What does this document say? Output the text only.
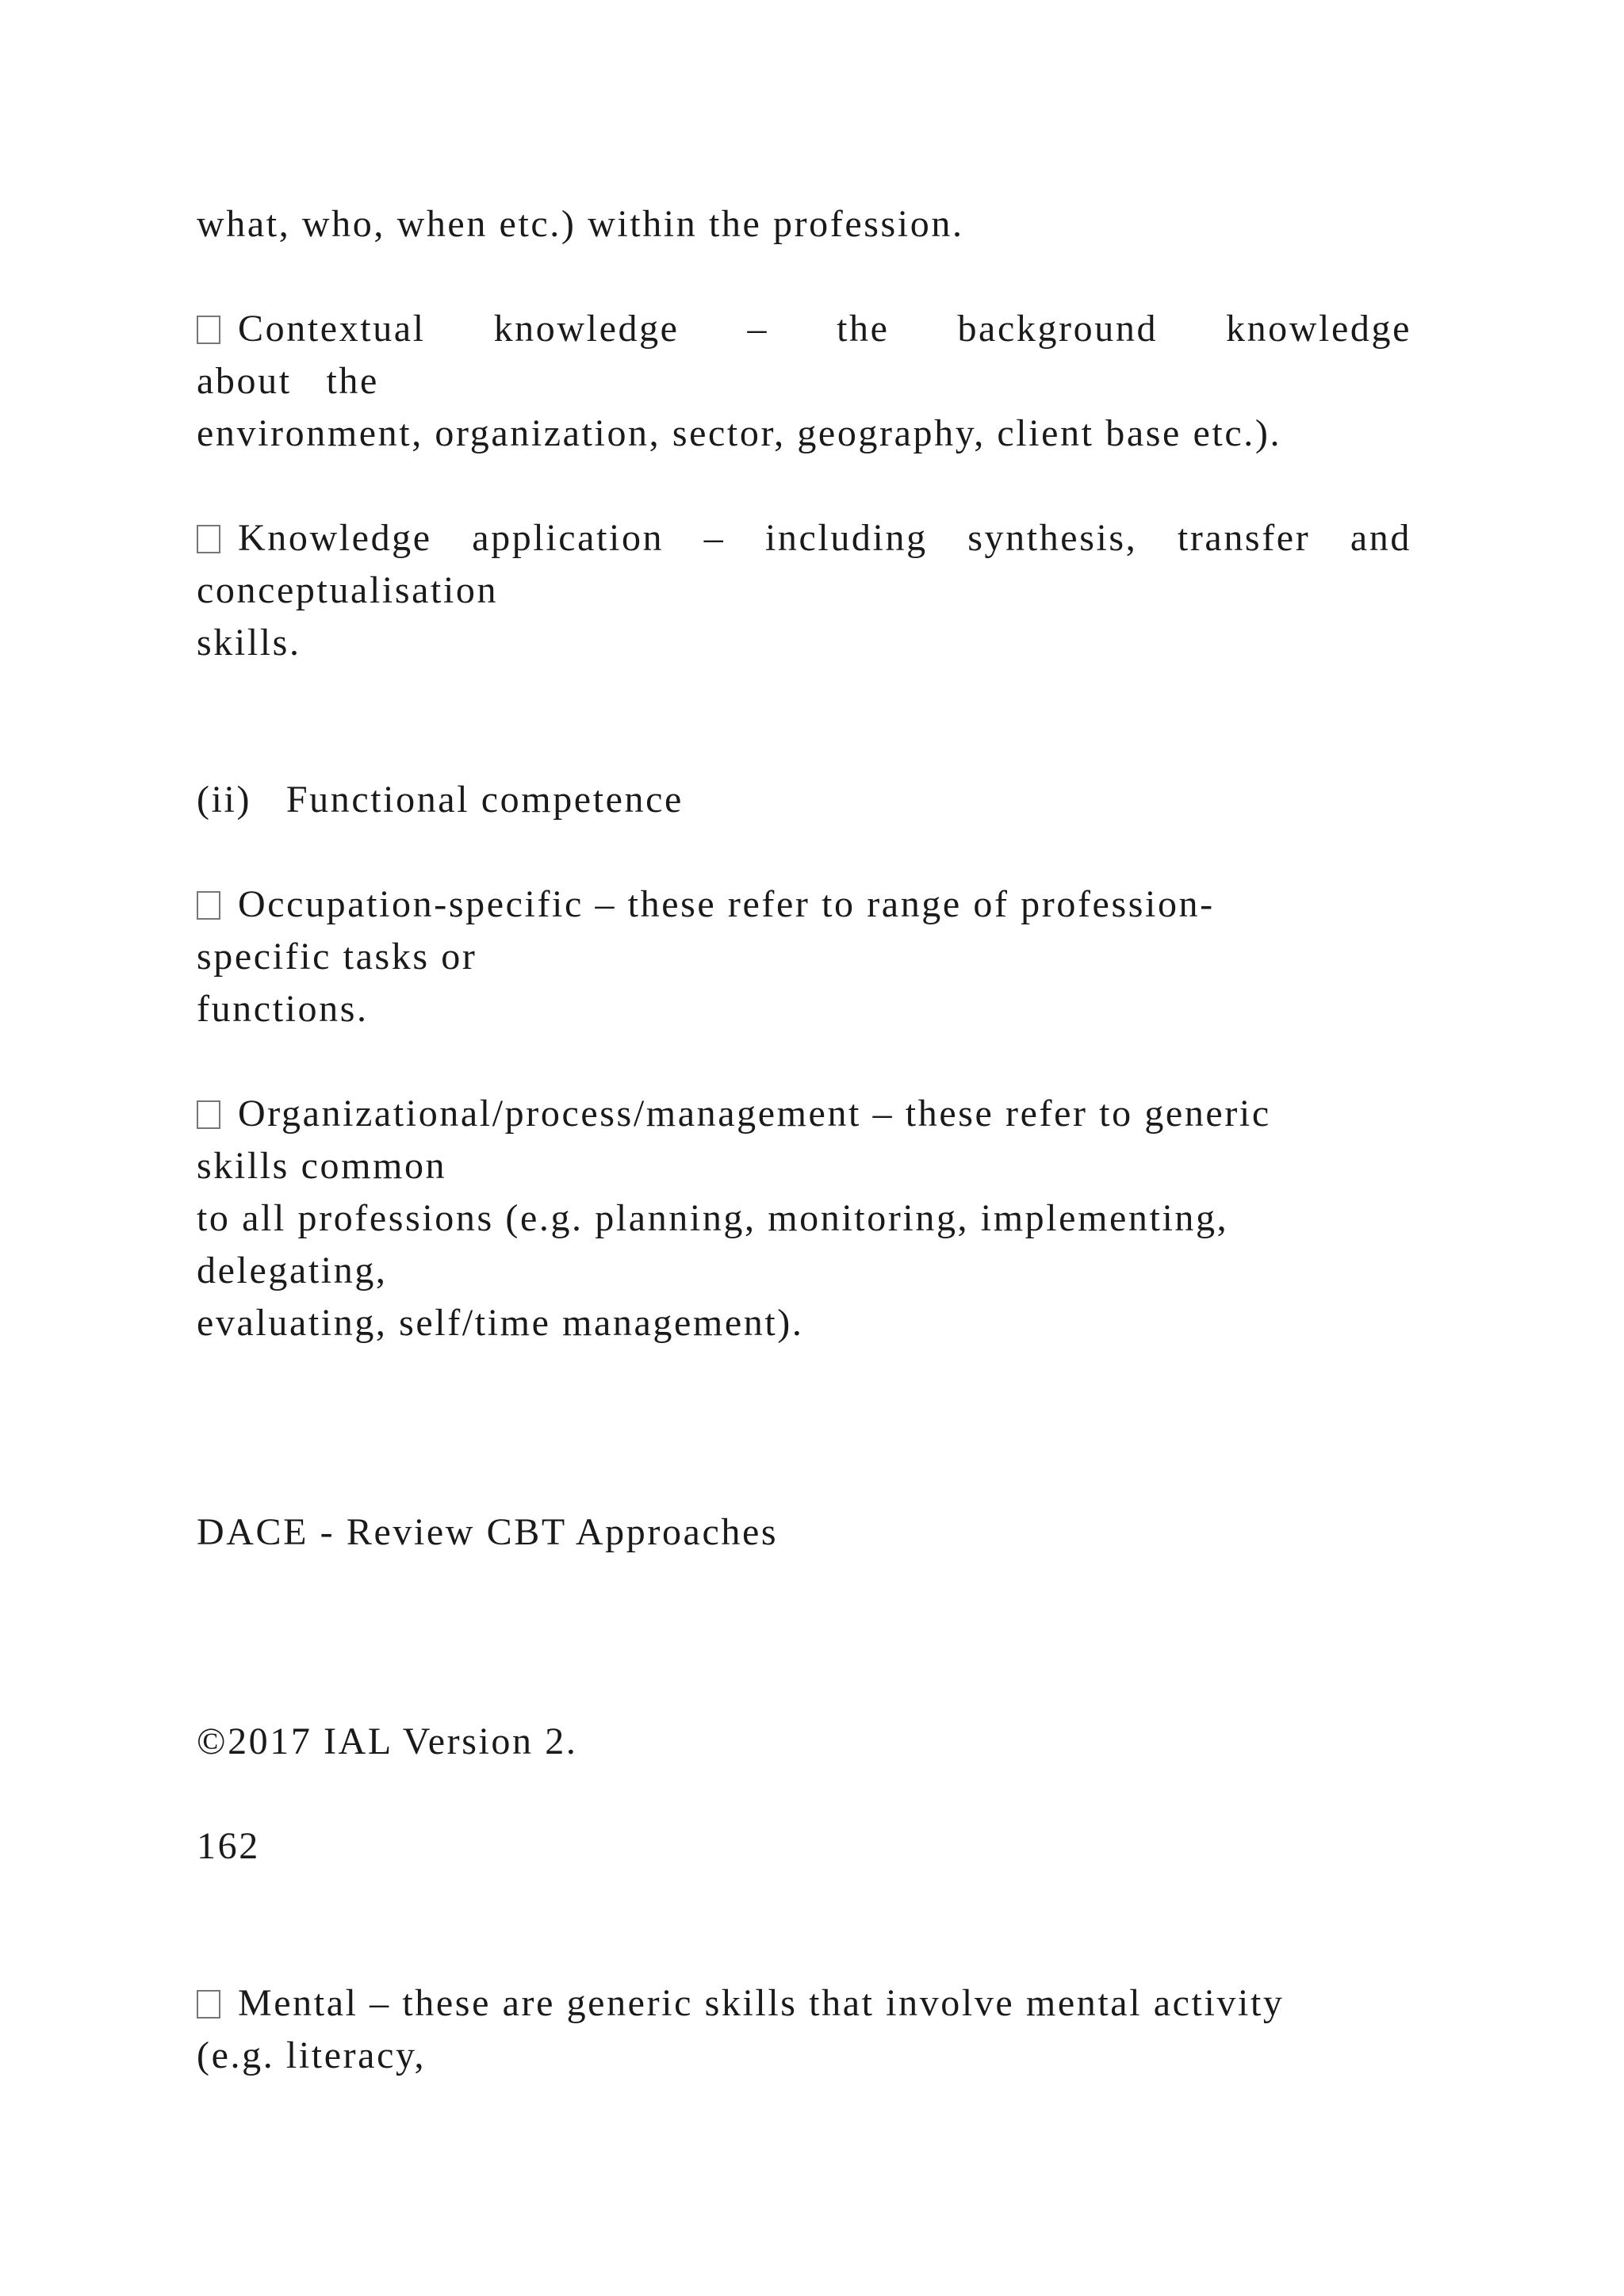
what, who, when etc.) within the profession.

Contextual knowledge – the background knowledge

about   the

environment, organization, sector, geography, client base etc.).

Knowledge application – including synthesis, transfer and

conceptualisation

skills.

(ii)   Functional competence

Occupation-specific – these refer to range of profession-

specific tasks or

functions.

Organizational/process/management – these refer to generic

skills common

to all professions (e.g. planning, monitoring, implementing,

delegating,

evaluating, self/time management).

DACE - Review CBT Approaches

©2017 IAL Version 2.

162

Mental – these are generic skills that involve mental activity

(e.g. literacy,
